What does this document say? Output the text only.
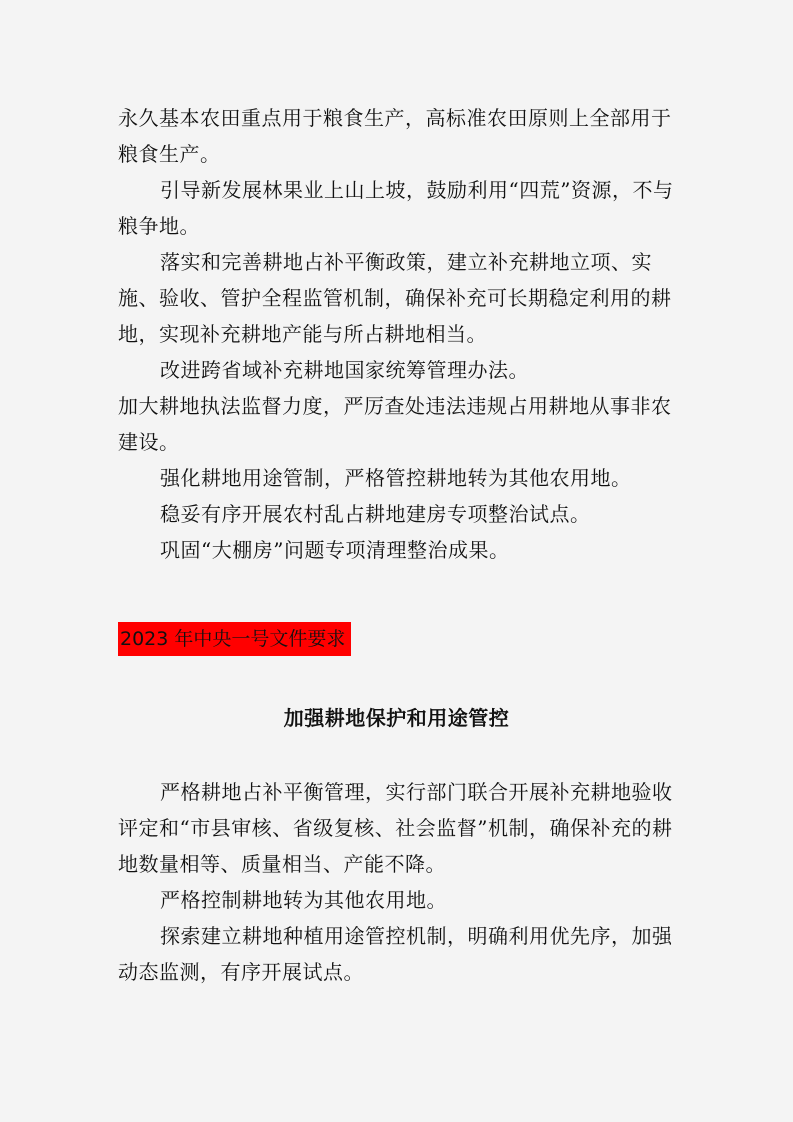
永久基本农田重点用于粮食生产，高标准农田原则上全部用于粮食生产。

引导新发展林果业上山上坡，鼓励利用“四荒”资源，不与粮争地。

落实和完善耕地占补平衡政策，建立补充耕地立项、实施、验收、管护全程监管机制，确保补充可长期稳定利用的耕地，实现补充耕地产能与所占耕地相当。

改进跨省域补充耕地国家统筹管理办法。

加大耕地执法监督力度，严厉查处违法违规占用耕地从事非农建设。

强化耕地用途管制，严格管控耕地转为其他农用地。

稳妥有序开展农村乱占耕地建房专项整治试点。

巩固“大棚房”问题专项清理整治成果。

2023 年中央一号文件要求
加强耕地保护和用途管控

严格耕地占补平衡管理，实行部门联合开展补充耕地验收评定和“市县审核、省级复核、社会监督”机制，确保补充的耕地数量相等、质量相当、产能不降。

严格控制耕地转为其他农用地。

探索建立耕地种植用途管控机制，明确利用优先序，加强动态监测，有序开展试点。
